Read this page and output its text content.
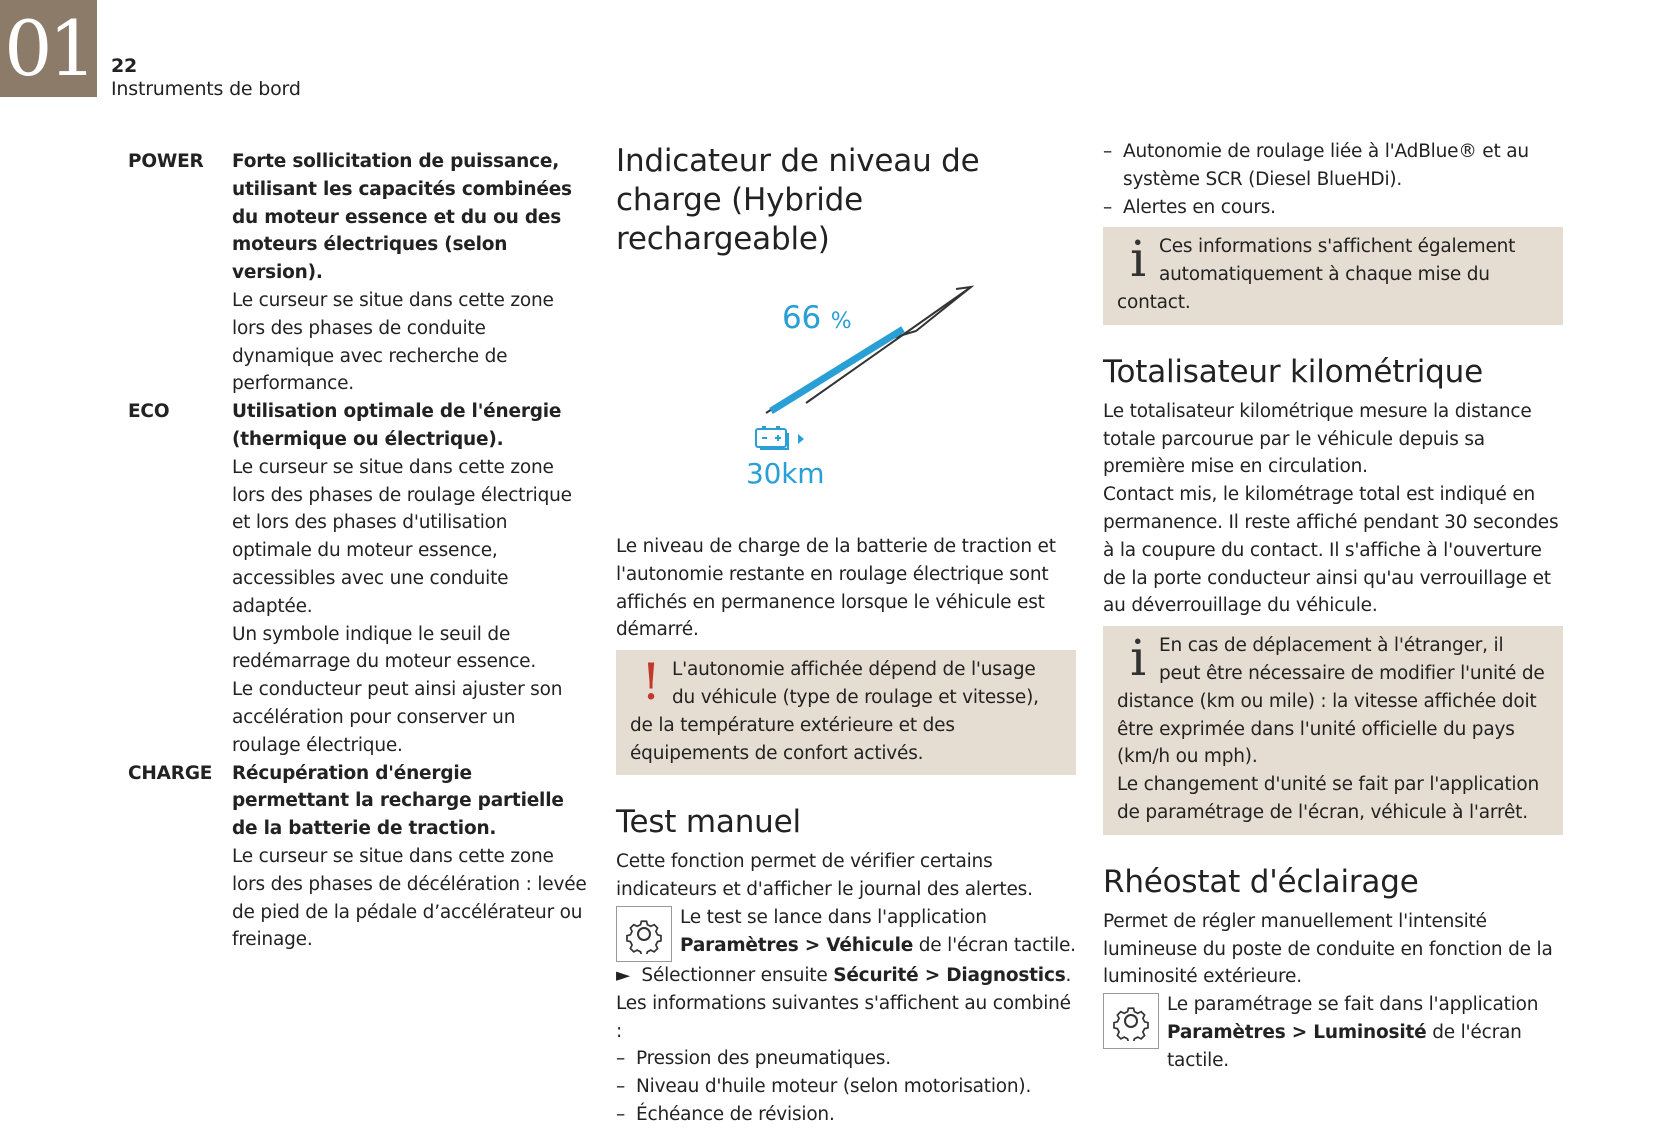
01 22
Instruments de bord
POWER	Forte sollicitation de puissance, utilisant les capacités combinées du moteur essence et du ou des moteurs électriques (selon version).

Le curseur se situe dans cette zone lors des phases de conduite dynamique avec recherche de performance.

ECO	Utilisation optimale de l'énergie (thermique ou électrique).

Le curseur se situe dans cette zone lors des phases de roulage électrique et lors des phases d'utilisation optimale du moteur essence, accessibles avec une conduite adaptée.

Un symbole indique le seuil de redémarrage du moteur essence.

Le conducteur peut ainsi ajuster son accélération pour conserver un roulage électrique.

CHARGE	Récupération d'énergie permettant la recharge partielle de la batterie de traction.

Le curseur se situe dans cette zone lors des phases de décélération : levée de pied de la pédale d’accélérateur ou freinage.

Indicateur de niveau de charge (Hybride rechargeable)
66 %
30km

Le niveau de charge de la batterie de traction et l'autonomie restante en roulage électrique sont affichés en permanence lorsque le véhicule est démarré.

! L'autonomie affichée dépend de l'usage du véhicule (type de roulage et vitesse), de la température extérieure et des équipements de confort activés.
Test manuel

Cette fonction permet de vérifier certains indicateurs et d'afficher le journal des alertes.

Le test se lance dans l'application Paramètres > Véhicule de l'écran tactile.

► Sélectionner ensuite Sécurité > Diagnostics.

Les informations suivantes s'affichent au combiné :

– Pression des pneumatiques.
– Niveau d'huile moteur (selon motorisation).
– Échéance de révision.
– Autonomie de roulage liée à l'AdBlue® et au système SCR (Diesel BlueHDi).
– Alertes en cours.
i Ces informations s'affichent également automatiquement à chaque mise du contact.
Totalisateur kilométrique

Le totalisateur kilométrique mesure la distance totale parcourue par le véhicule depuis sa première mise en circulation.

Contact mis, le kilométrage total est indiqué en permanence. Il reste affiché pendant 30 secondes à la coupure du contact. Il s'affiche à l'ouverture de la porte conducteur ainsi qu'au verrouillage et au déverrouillage du véhicule.

i En cas de déplacement à l'étranger, il peut être nécessaire de modifier l'unité de distance (km ou mile) : la vitesse affichée doit être exprimée dans l'unité officielle du pays (km/h ou mph).
Le changement d'unité se fait par l'application de paramétrage de l'écran, véhicule à l'arrêt.
Rhéostat d'éclairage

Permet de régler manuellement l'intensité lumineuse du poste de conduite en fonction de la luminosité extérieure.

Le paramétrage se fait dans l'application Paramètres > Luminosité de l'écran tactile.
